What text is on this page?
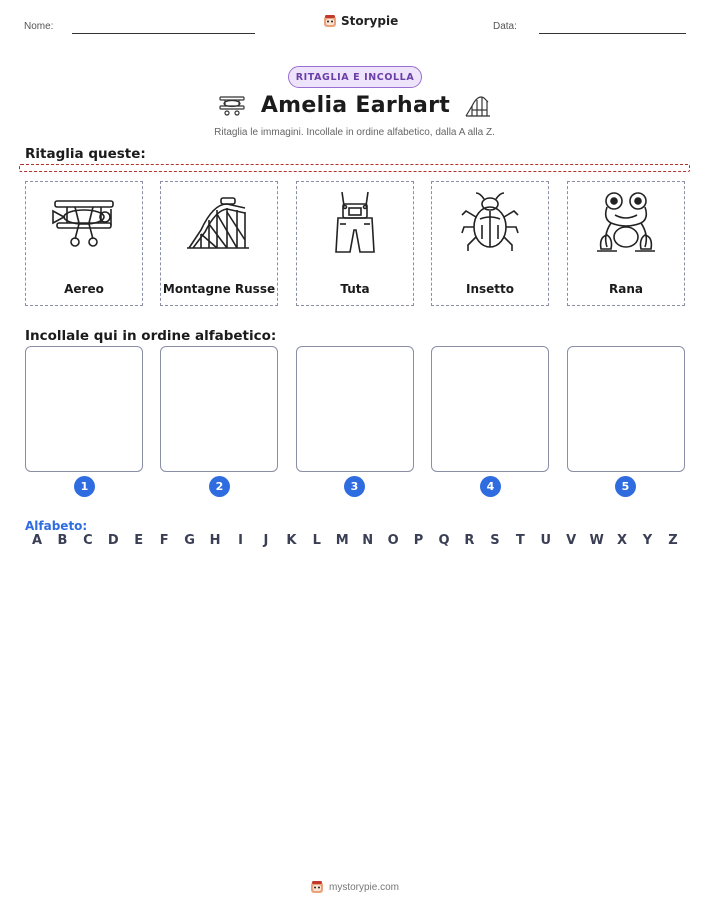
Nome:	Storypie	Data:
RITAGLIA E INCOLLA
Amelia Earhart
Ritaglia le immagini. Incollale in ordine alfabetico, dalla A alla Z.
Ritaglia queste:
Aereo	Montagne Russe	Tuta	Insetto	Rana
Incollale qui in ordine alfabetico:
1	2	3	4	5
Alfabeto:
A	B	C	D	E	F	G	H	I	J	K	L	M	N	O	P	Q	R	S	T	U	V	W	X	Y	Z
mystorypie.com
